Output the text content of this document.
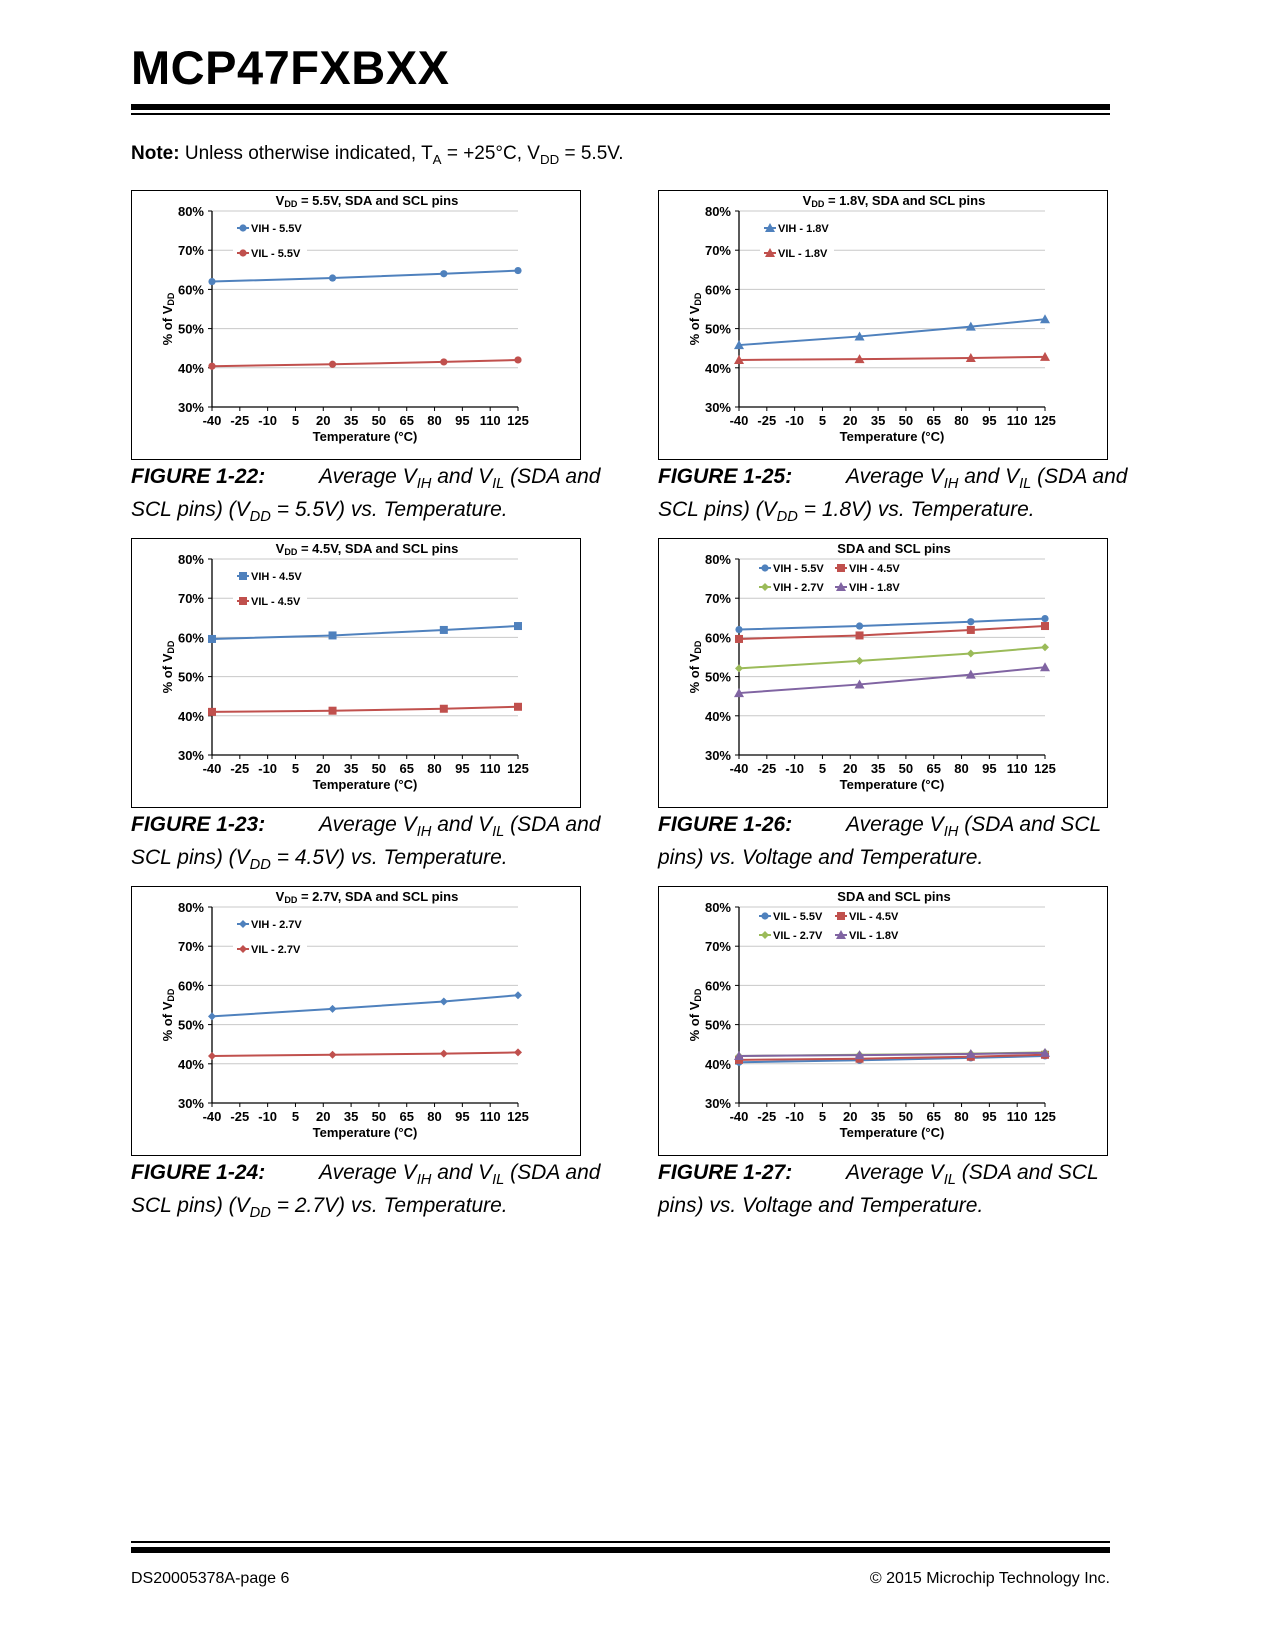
MCP47FXBXX
Note: Unless otherwise indicated, $T_A = +25^\circ C$, $V_{DD} = 5.5V$.
VDD = 5.5V, SDA and SCL pins
30%
40%
50%
60%
70%
80%
-40 -25 -10 5 20 35 50 65 80 95 110 125
Temperature (°C)
% of VDD
VIH - 5.5V
VIL - 5.5V
VDD = 1.8V, SDA and SCL pins
30%
40%
50%
60%
70%
80%
-40 -25 -10 5 20 35 50 65 80 95 110 125
Temperature (°C)
% of VDD
VIH - 1.8V
VIL - 1.8V
VDD = 4.5V, SDA and SCL pins
30%
40%
50%
60%
70%
80%
-40 -25 -10 5 20 35 50 65 80 95 110 125
Temperature (°C)
% of VDD
VIH - 4.5V
VIL - 4.5V
SDA and SCL pins
30%
40%
50%
60%
70%
80%
-40 -25 -10 5 20 35 50 65 80 95 110 125
Temperature (°C)
% of VDD
VIH - 5.5V VIH - 4.5V
VIH - 2.7V VIH - 1.8V
VDD = 2.7V, SDA and SCL pins
30%
40%
50%
60%
70%
80%
-40 -25 -10 5 20 35 50 65 80 95 110 125
Temperature (°C)
% of VDD
VIH - 2.7V
VIL - 2.7V
SDA and SCL pins
30%
40%
50%
60%
70%
80%
-40 -25 -10 5 20 35 50 65 80 95 110 125
Temperature (°C)
% of VDD
VIL - 5.5V VIL - 4.5V
VIL - 2.7V VIL - 1.8V
FIGURE 1-22:	Average $V_{IH}$ and $V_{IL}$ (SDA and SCL pins) $(V_{DD} = 5.5V)$ vs. Temperature.
FIGURE 1-25:	Average $V_{IH}$ and $V_{IL}$ (SDA and SCL pins) $(V_{DD} = 1.8V)$ vs. Temperature.
FIGURE 1-23:	Average $V_{IH}$ and $V_{IL}$ (SDA and SCL pins) $(V_{DD} = 4.5V)$ vs. Temperature.
FIGURE 1-26:	Average $V_{IH}$ (SDA and SCL pins) vs. Voltage and Temperature.
FIGURE 1-24:	Average $V_{IH}$ and $V_{IL}$ (SDA and SCL pins) $(V_{DD} = 2.7V)$ vs. Temperature.
FIGURE 1-27:	Average $V_{IL}$ (SDA and SCL pins) vs. Voltage and Temperature.
DS20005378A-page 6	© 2015 Microchip Technology Inc.
